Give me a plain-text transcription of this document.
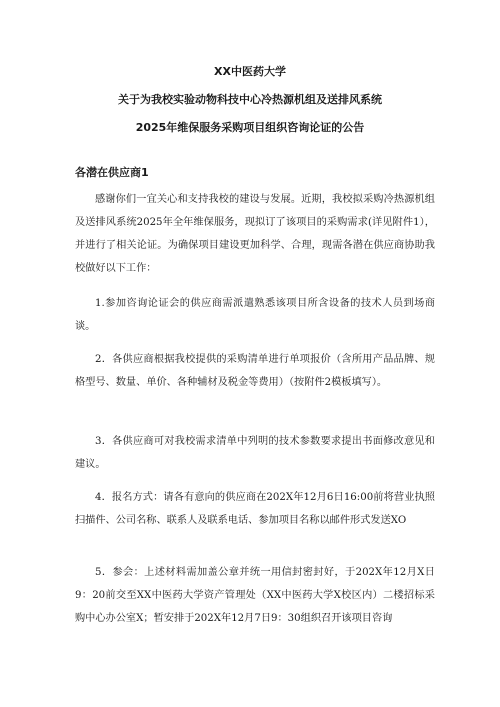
XX中医药大学
关于为我校实验动物科技中心冷热源机组及送排风系统
2025年维保服务采购项目组织咨询论证的公告
各潜在供应商1

感谢你们一宜关心和支持我校的建设与发展。近期，我校拟采购冷热源机组及送排风系统2025年全年维保服务，现拟订了该项目的采购需求(详见附件1），并进行了相关论证。为确保项目建设更加科学、合理，现需各潜在供应商协助我校做好以下工作：

1.参加咨询论证会的供应商需派遣熟悉该项目所含设备的技术人员到场商谈。

2．各供应商根据我校提供的采购清单进行单项报价（含所用产品品牌、规格型号、数量、单价、各种辅材及税金等费用）（按附件2模板填写）。

3．各供应商可对我校需求清单中列明的技术参数要求提出书面修改意见和建议。

4．报名方式：请各有意向的供应商在202X年12月6日16:00前将营业执照扫描件、公司名称、联系人及联系电话、参加项目名称以邮件形式发送XO

5．参会：上述材料需加盖公章并统一用信封密封好，于202X年12月X日9：20前交至XX中医药大学资产管理处（XX中医药大学X校区内）二楼招标采购中心办公室X；暂安排于202X年12月7日9：30组织召开该项目咨询
